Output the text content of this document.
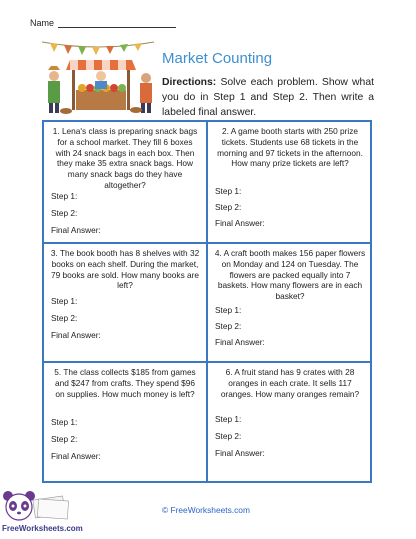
Name
Market Counting
Directions: Solve each problem. Show what you do in Step 1 and Step 2. Then write a labeled final answer.
1. Lena's class is preparing snack bags for a school market. They fill 6 boxes with 24 snack bags in each box. Then they make 35 extra snack bags. How many snack bags do they have altogether?
Step 1:
Step 2:
Final Answer:
2. A game booth starts with 250 prize tickets. Students use 68 tickets in the morning and 97 tickets in the afternoon. How many prize tickets are left?
Step 1:
Step 2:
Final Answer:
3. The book booth has 8 shelves with 32 books on each shelf. During the market, 79 books are sold. How many books are left?
Step 1:
Step 2:
Final Answer:
4. A craft booth makes 156 paper flowers on Monday and 124 on Tuesday. The flowers are packed equally into 7 baskets. How many flowers are in each basket?
Step 1:
Step 2:
Final Answer:
5. The class collects $185 from games and $247 from crafts. They spend $96 on supplies. How much money is left?
Step 1:
Step 2:
Final Answer:
6. A fruit stand has 9 crates with 28 oranges in each crate. It sells 117 oranges. How many oranges remain?
Step 1:
Step 2:
Final Answer:
FreeWorksheets.com
© FreeWorksheets.com
